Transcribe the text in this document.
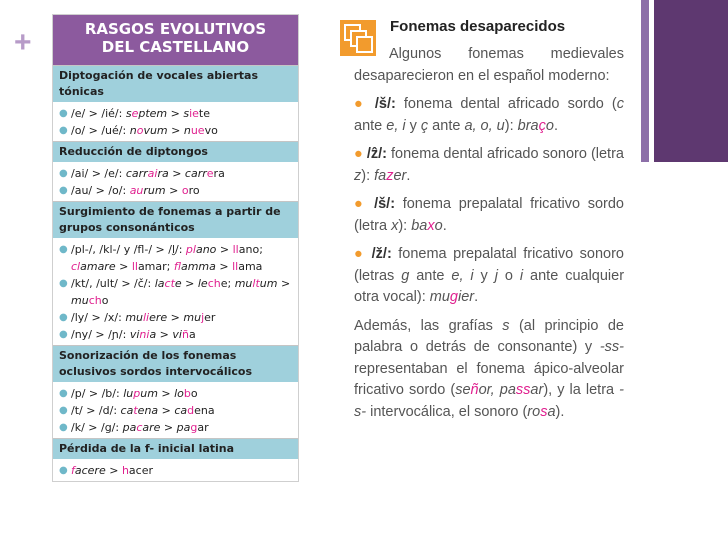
+	RASGOS EVOLUTIVOS
DEL CASTELLANO
Diptogación de vocales abiertas tónicas
● /e/ > /ié/: septem > siete
● /o/ > /ué/: novum > nuevo
Reducción de diptongos
● /ai/ > /e/: carraira > carrera
● /au/ > /o/: aurum > oro
Surgimiento de fonemas a partir de grupos consonánticos
● /pl-/, /kl-/ y /fl-/ > /l̮/: plano > llano; clamare > llamar; flamma > llama
● /kt/, /ult/ > /č/: lacte > leche; multum > mucho
● /ly/ > /x/: muliere > mujer
● /ny/ > /ɲ/: vinia > viña
Sonorización de los fonemas oclusivos sordos intervocálicos
● /p/ > /b/: lupum > lobo
● /t/ > /d/: catena > cadena
● /k/ > /g/: pacare > pagar
Pérdida de la f- inicial latina
● facere > hacer
Fonemas desaparecidos

Algunos fonemas medievales desaparecieron en el español moderno:

● /š/: fonema dental africado sordo (c ante e, i y ç ante a, o, u): braço.

● /ẑ/: fonema dental africado sonoro (letra z): fazer.

● /š/: fonema prepalatal fricativo sordo (letra x): baxo.

● /ž/: fonema prepalatal fricativo sonoro (letras g ante e, i y j o i ante cualquier otra vocal): mugier.

Además, las grafías s (al principio de palabra o detrás de consonante) y -ss- representaban el fonema ápico-alveolar fricativo sordo (señor, passar), y la letra -s- intervocálica, el sonoro (rosa).
